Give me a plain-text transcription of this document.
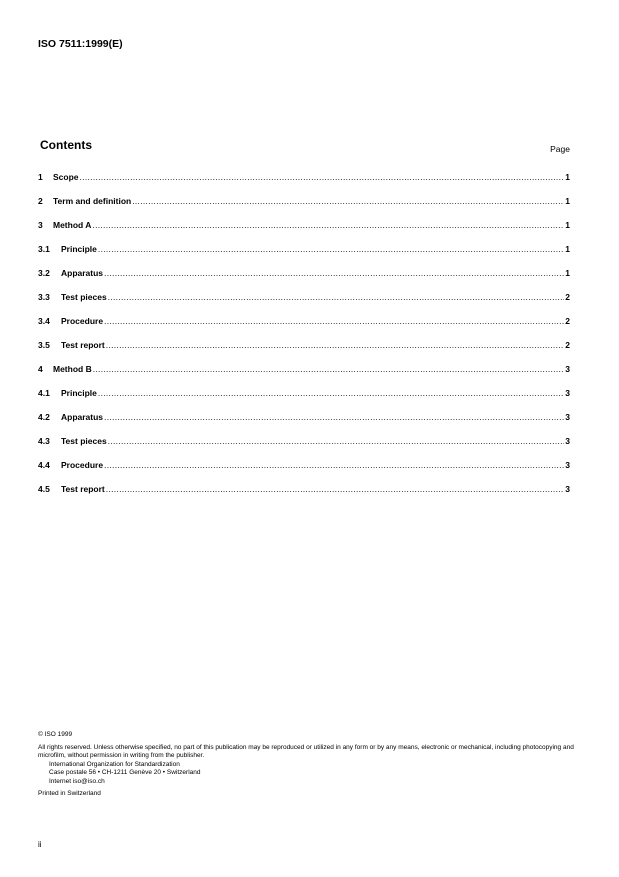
ISO 7511:1999(E)
Contents	Page
1	Scope .....	1
2	Term and definition .....	1
3	Method A .....	1
3.1	Principle .....	1
3.2	Apparatus .....	1
3.3	Test pieces .....	2
3.4	Procedure .....	2
3.5	Test report .....	2
4	Method B .....	3
4.1	Principle .....	3
4.2	Apparatus .....	3
4.3	Test pieces .....	3
4.4	Procedure .....	3
4.5	Test report .....	3
© ISO 1999
All rights reserved. Unless otherwise specified, no part of this publication may be reproduced or utilized in any form or by any means, electronic or mechanical, including photocopying and microfilm, without permission in writing from the publisher.
International Organization for Standardization
Case postale 56 • CH-1211 Genève 20 • Switzerland
Internet iso@iso.ch
Printed in Switzerland
ii
